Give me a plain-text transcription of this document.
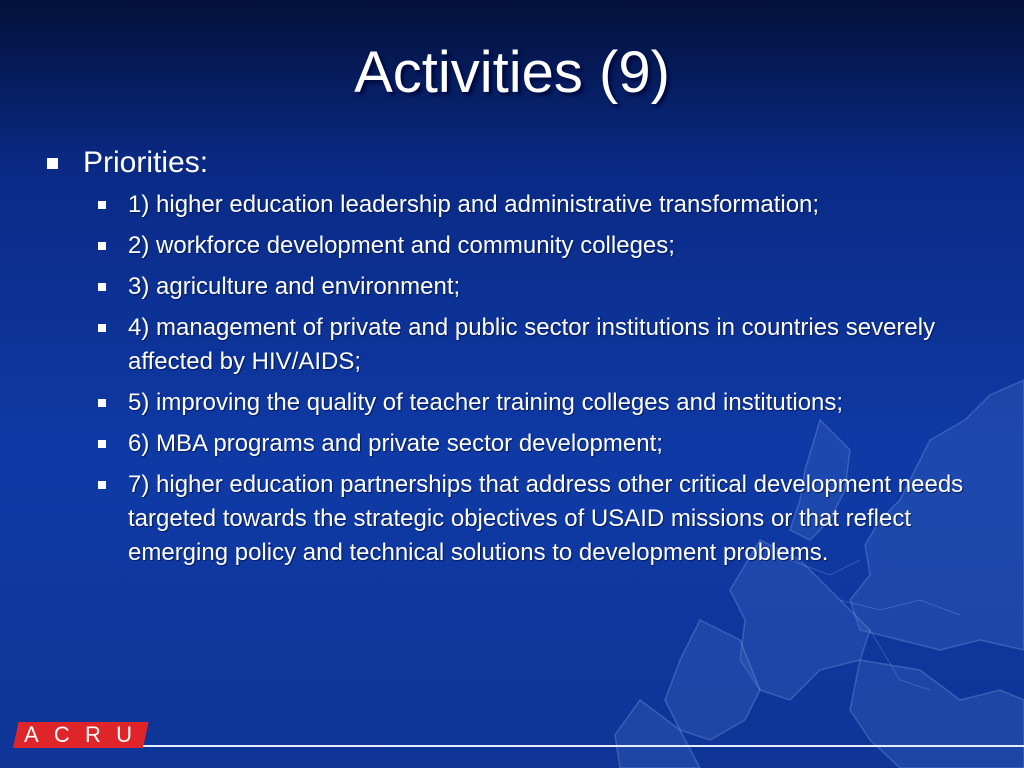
Activities (9)
Priorities:
1) higher education leadership and administrative transformation;
2) workforce development and community colleges;
3) agriculture and environment;
4) management of private and public sector institutions in countries severely affected by HIV/AIDS;
5) improving the quality of teacher training colleges and institutions;
6) MBA programs and private sector development;
7) higher education partnerships that address other critical development needs targeted towards the strategic objectives of USAID missions or that reflect emerging policy and technical solutions to development problems.
A C R U
